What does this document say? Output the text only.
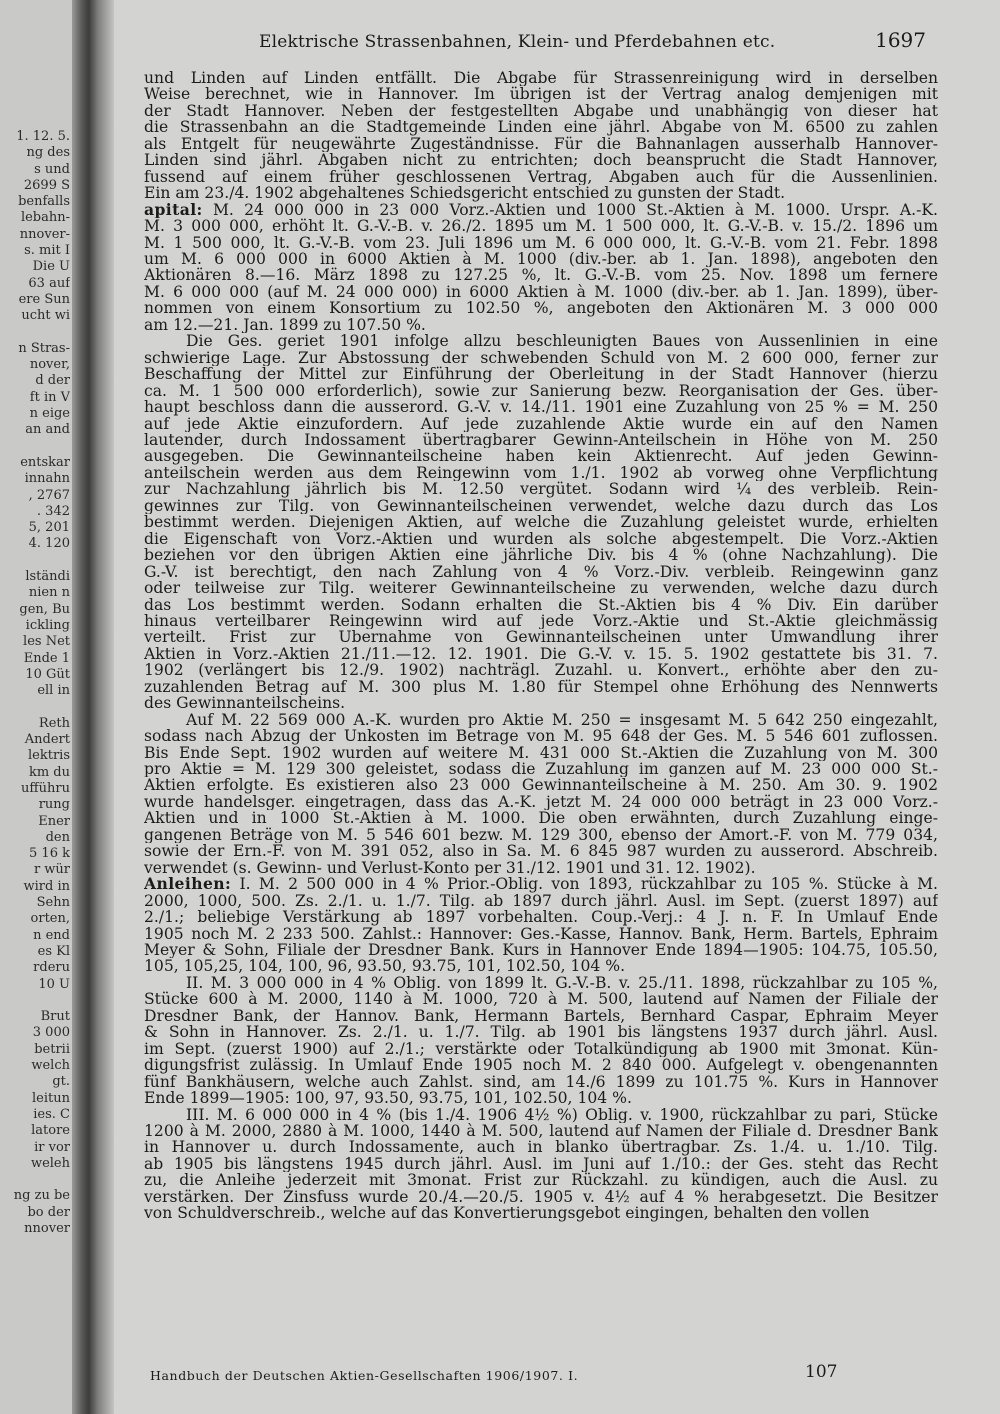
1. 12. 5.
ng des
s und
2699 S
benfalls
lebahn-
nnover-
s. mit I
Die Ü
63 auf
ere Sun
ucht wi
n Stras-
nover,
d der
ft in V
n eige
an and
entskar
innahn
, 2767
. 342
5, 201
4. 120
lständi
nien n
gen, Bu
ickling
les Net
Ende 1
10 Güt
ell in
Reth
Andert
lektris
km du
ufführu
rung
Ener
den
5 16 k
r wür
wird in
Sehn
orten,
n end
es Kl
rderu
10 U
Brut
3 000
betrii
welch
gt.
leitun
ies. C
latore
ir vor
weleh
ng zu be
bo der
nnover
Elektrische Strassenbahnen, Klein- und Pferdebahnen etc.	1697
und Linden auf Linden entfällt. Die Abgabe für Strassenreinigung wird in derselben
Weise berechnet, wie in Hannover. Im übrigen ist der Vertrag analog demjenigen mit
der Stadt Hannover. Neben der festgestellten Abgabe und unabhängig von dieser hat
die Strassenbahn an die Stadtgemeinde Linden eine jährl. Abgabe von M. 6500 zu zahlen
als Entgelt für neugewährte Zugeständnisse. Für die Bahnanlagen ausserhalb Hannover-
Linden sind jährl. Abgaben nicht zu entrichten; doch beansprucht die Stadt Hannover,
fussend auf einem früher geschlossenen Vertrag, Abgaben auch für die Aussenlinien.
Ein am 23./4. 1902 abgehaltenes Schiedsgericht entschied zu gunsten der Stadt.
apital: M. 24 000 000 in 23 000 Vorz.-Aktien und 1000 St.-Aktien à M. 1000. Urspr. A.-K.
M. 3 000 000, erhöht lt. G.-V.-B. v. 26./2. 1895 um M. 1 500 000, lt. G.-V.-B. v. 15./2. 1896 um
M. 1 500 000, lt. G.-V.-B. vom 23. Juli 1896 um M. 6 000 000, lt. G.-V.-B. vom 21. Febr. 1898
um M. 6 000 000 in 6000 Aktien à M. 1000 (div.-ber. ab 1. Jan. 1898), angeboten den
Aktionären 8.—16. März 1898 zu 127.25 %, lt. G.-V.-B. vom 25. Nov. 1898 um fernere
M. 6 000 000 (auf M. 24 000 000) in 6000 Aktien à M. 1000 (div.-ber. ab 1. Jan. 1899), über-
nommen von einem Konsortium zu 102.50 %, angeboten den Aktionären M. 3 000 000
am 12.—21. Jan. 1899 zu 107.50 %.
Die Ges. geriet 1901 infolge allzu beschleunigten Baues von Aussenlinien in eine
schwierige Lage. Zur Abstossung der schwebenden Schuld von M. 2 600 000, ferner zur
Beschaffung der Mittel zur Einführung der Oberleitung in der Stadt Hannover (hierzu
ca. M. 1 500 000 erforderlich), sowie zur Sanierung bezw. Reorganisation der Ges. über-
haupt beschloss dann die ausserord. G.-V. v. 14./11. 1901 eine Zuzahlung von 25 % = M. 250
auf jede Aktie einzufordern. Auf jede zuzahlende Aktie wurde ein auf den Namen
lautender, durch Indossament übertragbarer Gewinn-Anteilschein in Höhe von M. 250
ausgegeben. Die Gewinnanteilscheine haben kein Aktienrecht. Auf jeden Gewinn-
anteilschein werden aus dem Reingewinn vom 1./1. 1902 ab vorweg ohne Verpflichtung
zur Nachzahlung jährlich bis M. 12.50 vergütet. Sodann wird ¼ des verbleib. Rein-
gewinnes zur Tilg. von Gewinnanteilscheinen verwendet, welche dazu durch das Los
bestimmt werden. Diejenigen Aktien, auf welche die Zuzahlung geleistet wurde, erhielten
die Eigenschaft von Vorz.-Aktien und wurden als solche abgestempelt. Die Vorz.-Aktien
beziehen vor den übrigen Aktien eine jährliche Div. bis 4 % (ohne Nachzahlung). Die
G.-V. ist berechtigt, den nach Zahlung von 4 % Vorz.-Div. verbleib. Reingewinn ganz
oder teilweise zur Tilg. weiterer Gewinnanteilscheine zu verwenden, welche dazu durch
das Los bestimmt werden. Sodann erhalten die St.-Aktien bis 4 % Div. Ein darüber
hinaus verteilbarer Reingewinn wird auf jede Vorz.-Aktie und St.-Aktie gleichmässig
verteilt. Frist zur Übernahme von Gewinnanteilscheinen unter Umwandlung ihrer
Aktien in Vorz.-Aktien 21./11.—12. 12. 1901. Die G.-V. v. 15. 5. 1902 gestattete bis 31. 7.
1902 (verlängert bis 12./9. 1902) nachträgl. Zuzahl. u. Konvert., erhöhte aber den zu-
zuzahlenden Betrag auf M. 300 plus M. 1.80 für Stempel ohne Erhöhung des Nennwerts
des Gewinnanteilscheins.
Auf M. 22 569 000 A.-K. wurden pro Aktie M. 250 = insgesamt M. 5 642 250 eingezahlt,
sodass nach Abzug der Unkosten im Betrage von M. 95 648 der Ges. M. 5 546 601 zuflossen.
Bis Ende Sept. 1902 wurden auf weitere M. 431 000 St.-Aktien die Zuzahlung von M. 300
pro Aktie = M. 129 300 geleistet, sodass die Zuzahlung im ganzen auf M. 23 000 000 St.-
Aktien erfolgte. Es existieren also 23 000 Gewinnanteilscheine à M. 250. Am 30. 9. 1902
wurde handelsger. eingetragen, dass das A.-K. jetzt M. 24 000 000 beträgt in 23 000 Vorz.-
Aktien und in 1000 St.-Aktien à M. 1000. Die oben erwähnten, durch Zuzahlung einge-
gangenen Beträge von M. 5 546 601 bezw. M. 129 300, ebenso der Amort.-F. von M. 779 034,
sowie der Ern.-F. von M. 391 052, also in Sa. M. 6 845 987 wurden zu ausserord. Abschreib.
verwendet (s. Gewinn- und Verlust-Konto per 31./12. 1901 und 31. 12. 1902).
Anleihen: I. M. 2 500 000 in 4 % Prior.-Oblig. von 1893, rückzahlbar zu 105 %. Stücke à M.
2000, 1000, 500. Zs. 2./1. u. 1./7. Tilg. ab 1897 durch jährl. Ausl. im Sept. (zuerst 1897) auf
2./1.; beliebige Verstärkung ab 1897 vorbehalten. Coup.-Verj.: 4 J. n. F. In Umlauf Ende
1905 noch M. 2 233 500. Zahlst.: Hannover: Ges.-Kasse, Hannov. Bank, Herm. Bartels, Ephraim
Meyer & Sohn, Filiale der Dresdner Bank. Kurs in Hannover Ende 1894—1905: 104.75, 105.50,
105, 105,25, 104, 100, 96, 93.50, 93.75, 101, 102.50, 104 %.
II. M. 3 000 000 in 4 % Oblig. von 1899 lt. G.-V.-B. v. 25./11. 1898, rückzahlbar zu 105 %,
Stücke 600 à M. 2000, 1140 à M. 1000, 720 à M. 500, lautend auf Namen der Filiale der
Dresdner Bank, der Hannov. Bank, Hermann Bartels, Bernhard Caspar, Ephraim Meyer
& Sohn in Hannover. Zs. 2./1. u. 1./7. Tilg. ab 1901 bis längstens 1937 durch jährl. Ausl.
im Sept. (zuerst 1900) auf 2./1.; verstärkte oder Totalkündigung ab 1900 mit 3monat. Kün-
digungsfrist zulässig. In Umlauf Ende 1905 noch M. 2 840 000. Aufgelegt v. obengenannten
fünf Bankhäusern, welche auch Zahlst. sind, am 14./6 1899 zu 101.75 %. Kurs in Hannover
Ende 1899—1905: 100, 97, 93.50, 93.75, 101, 102.50, 104 %.
III. M. 6 000 000 in 4 % (bis 1./4. 1906 4½ %) Oblig. v. 1900, rückzahlbar zu pari, Stücke
1200 à M. 2000, 2880 à M. 1000, 1440 à M. 500, lautend auf Namen der Filiale d. Dresdner Bank
in Hannover u. durch Indossamente, auch in blanko übertragbar. Zs. 1./4. u. 1./10. Tilg.
ab 1905 bis längstens 1945 durch jährl. Ausl. im Juni auf 1./10.: der Ges. steht das Recht
zu, die Anleihe jederzeit mit 3monat. Frist zur Rückzahl. zu kündigen, auch die Ausl. zu
verstärken. Der Zinsfuss wurde 20./4.—20./5. 1905 v. 4½ auf 4 % herabgesetzt. Die Besitzer
von Schuldverschreib., welche auf das Konvertierungsgebot eingingen, behalten den vollen
Handbuch der Deutschen Aktien-Gesellschaften 1906/1907. I.	107
